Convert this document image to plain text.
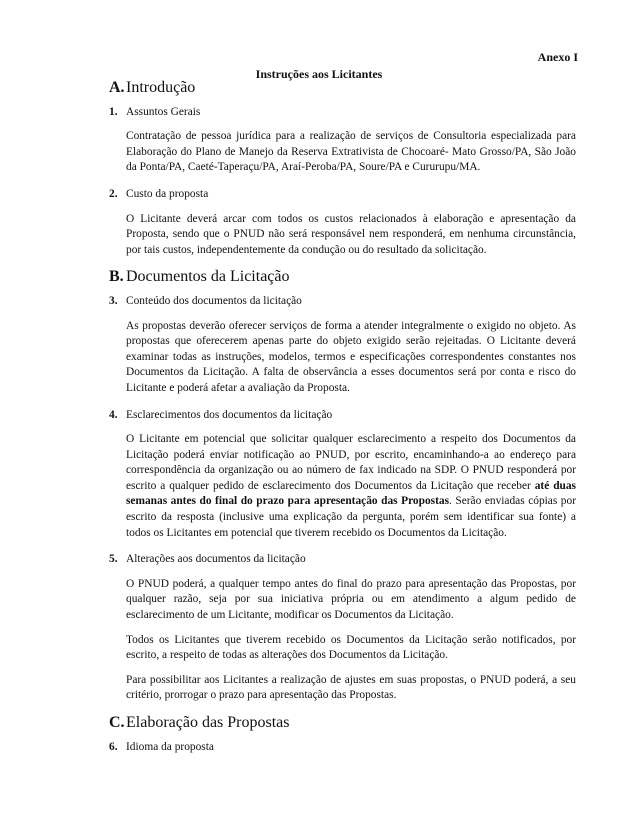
Anexo I
Instruções aos Licitantes
A. Introdução
1. Assuntos Gerais
Contratação de pessoa jurídica para a realização de serviços de Consultoria especializada para Elaboração do Plano de Manejo da Reserva Extrativista de Chocoaré- Mato Grosso/PA, São João da Ponta/PA, Caeté-Taperaçu/PA, Araí-Peroba/PA, Soure/PA e Cururupu/MA.
2. Custo da proposta
O Licitante deverá arcar com todos os custos relacionados à elaboração e apresentação da Proposta, sendo que o PNUD não será responsável nem responderá, em nenhuma circunstância, por tais custos, independentemente da condução ou do resultado da solicitação.
B. Documentos da Licitação
3. Conteúdo dos documentos da licitação
As propostas deverão oferecer serviços de forma a atender integralmente o exigido no objeto. As propostas que oferecerem apenas parte do objeto exigido serão rejeitadas. O Licitante deverá examinar todas as instruções, modelos, termos e especificações correspondentes constantes nos Documentos da Licitação. A falta de observância a esses documentos será por conta e risco do Licitante e poderá afetar a avaliação da Proposta.
4. Esclarecimentos dos documentos da licitação
O Licitante em potencial que solicitar qualquer esclarecimento a respeito dos Documentos da Licitação poderá enviar notificação ao PNUD, por escrito, encaminhando-a ao endereço para correspondência da organização ou ao número de fax indicado na SDP. O PNUD responderá por escrito a qualquer pedido de esclarecimento dos Documentos da Licitação que receber até duas semanas antes do final do prazo para apresentação das Propostas. Serão enviadas cópias por escrito da resposta (inclusive uma explicação da pergunta, porém sem identificar sua fonte) a todos os Licitantes em potencial que tiverem recebido os Documentos da Licitação.
5. Alterações aos documentos da licitação
O PNUD poderá, a qualquer tempo antes do final do prazo para apresentação das Propostas, por qualquer razão, seja por sua iniciativa própria ou em atendimento a algum pedido de esclarecimento de um Licitante, modificar os Documentos da Licitação.
Todos os Licitantes que tiverem recebido os Documentos da Licitação serão notificados, por escrito, a respeito de todas as alterações dos Documentos da Licitação.
Para possibilitar aos Licitantes a realização de ajustes em suas propostas, o PNUD poderá, a seu critério, prorrogar o prazo para apresentação das Propostas.
C. Elaboração das Propostas
6. Idioma da proposta
